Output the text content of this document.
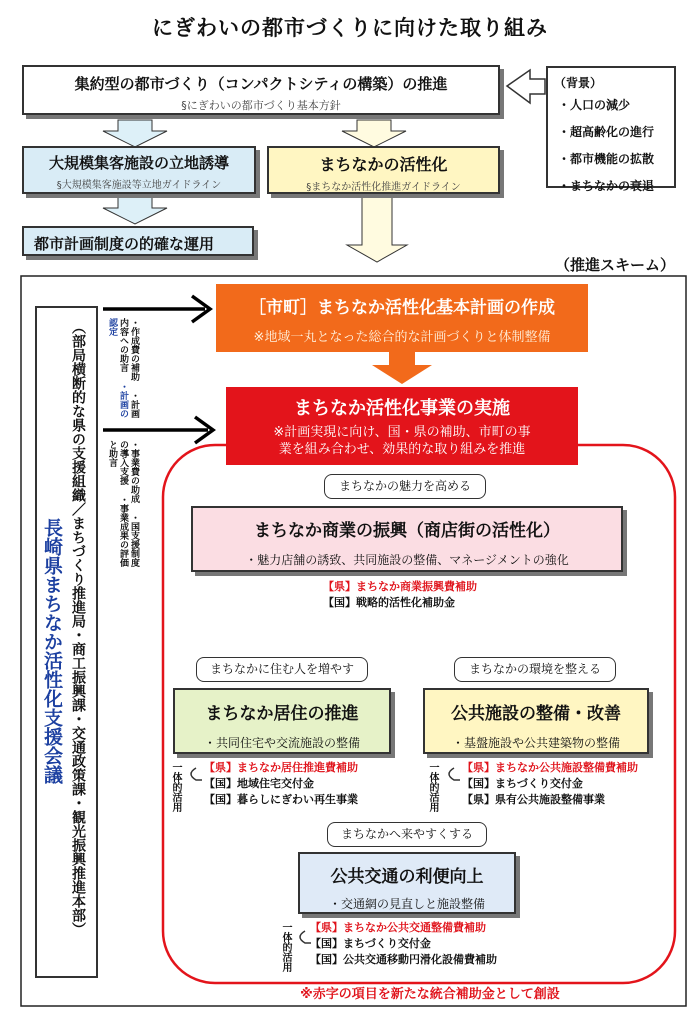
にぎわいの都市づくりに向けた取り組み
集約型の都市づくり（コンパクトシティの構築）の推進
§にぎわいの都市づくり基本方針
（背景）
・人口の減少
・超高齢化の進行
・都市機能の拡散
・まちなかの衰退
大規模集客施設の立地誘導
§大規模集客施設等立地ガイドライン
まちなかの活性化
§まちなか活性化推進ガイドライン
都市計画制度の的確な運用
（推進スキーム）
（部局横断的な県の支援組織／まちづくり推進局・商工振興課・交通政策課・観光振興推進本部）
長崎県まちなか活性化支援会議
・作成費の補助 ・計画内容への助言 ・計画の認定
・事業費の助成 ・国支援制度の導入支援 ・事業成果の評価と助言
［市町］まちなか活性化基本計画の作成
※地域一丸となった総合的な計画づくりと体制整備
まちなか活性化事業の実施
※計画実現に向け、国・県の補助、市町の事
業を組み合わせ、効果的な取り組みを推進
まちなかの魅力を高める
まちなか商業の振興（商店街の活性化）
・魅力店舗の誘致、共同施設の整備、マネージメントの強化
【県】まちなか商業振興費補助
【国】戦略的活性化補助金
まちなかに住む人を増やす
まちなか居住の推進
・共同住宅や交流施設の整備
一体的活用 【県】まちなか居住推進費補助
【国】地域住宅交付金
【国】暮らしにぎわい再生事業
まちなかの環境を整える
公共施設の整備・改善
・基盤施設や公共建築物の整備
一体的活用 【県】まちなか公共施設整備費補助
【国】まちづくり交付金
【県】県有公共施設整備事業
まちなかへ来やすくする
公共交通の利便向上
・交通網の見直しと施設整備
一体的活用 【県】まちなか公共交通整備費補助
【国】まちづくり交付金
【国】公共交通移動円滑化設備費補助
※赤字の項目を新たな統合補助金として創設
